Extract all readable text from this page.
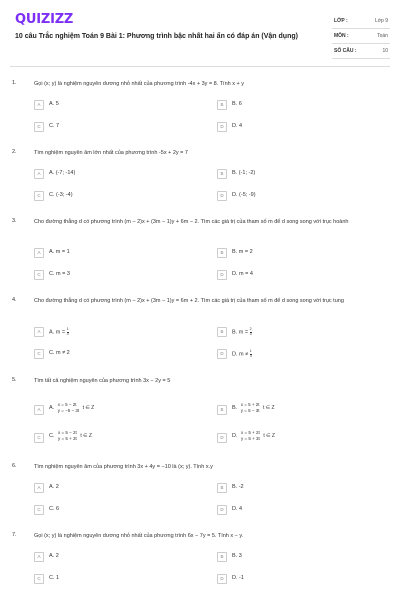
QUIZIZZ
10 câu Trắc nghiệm Toán 9 Bài 1: Phương trình bậc nhất hai ẩn có đáp án (Vận dụng)
LỚP :	Lớp 9
MÔN :	Toán
SỐ CÂU :	10
1.	Gọi (x; y) là nghiệm nguyên dương nhỏ nhất của phương trình -4x + 3y = 8. Tính x + y
A	A. 5	B	B. 6
C	C. 7	D	D. 4
2.	Tìm nghiệm nguyên âm lớn nhất của phương trình -5x + 2y = 7
A	A. (-7; -14)	B	B. (-1; -2)
C	C. (-3; -4)	D	D. (-5; -9)
3.	Cho đường thẳng d có phương trình (m − 2)x + (3m − 1)y + 6m − 2. Tìm các giá trị của tham số m để d song song với trục hoành
A	A. m = 1	B	B. m = 2
C	C. m = 3	D	D. m = 4
4.	Cho đường thẳng d có phương trình (m − 2)x + (3m − 1)y = 6m + 2. Tìm các giá trị của tham số m để d song song với trục tung
A	A. $m = \frac{1}{3}$	B	B. $m = \frac{2}{3}$
C	C. m ≠ 2	D	D. $m \ne \frac{1}{3}$
5.	Tìm tất cả nghiệm nguyên của phương trình 3x − 2y = 5
A	A.
x = 5 − 2t
y = −5 − 3t t ∈ Z	B	B.
x = 5 + 2t
y = 5 − 3t t ∈ Z
C	C.
x = 5 − 2t
y = 5 + 3t t ∈ Z	D	D.
x = 5 + 2t
y = 5 + 3t t ∈ Z
6.	Tìm nghiệm nguyên âm của phương trình 3x + 4y = −10 là (x; y). Tính x.y
A	A. 2	B	B. -2
C	C. 6	D	D. 4
7.	Gọi (x; y) là nghiệm nguyên dương nhỏ nhất của phương trình 6x − 7y = 5. Tính x − y.
A	A. 2	B	B. 3
C	C. 1	D	D. -1
